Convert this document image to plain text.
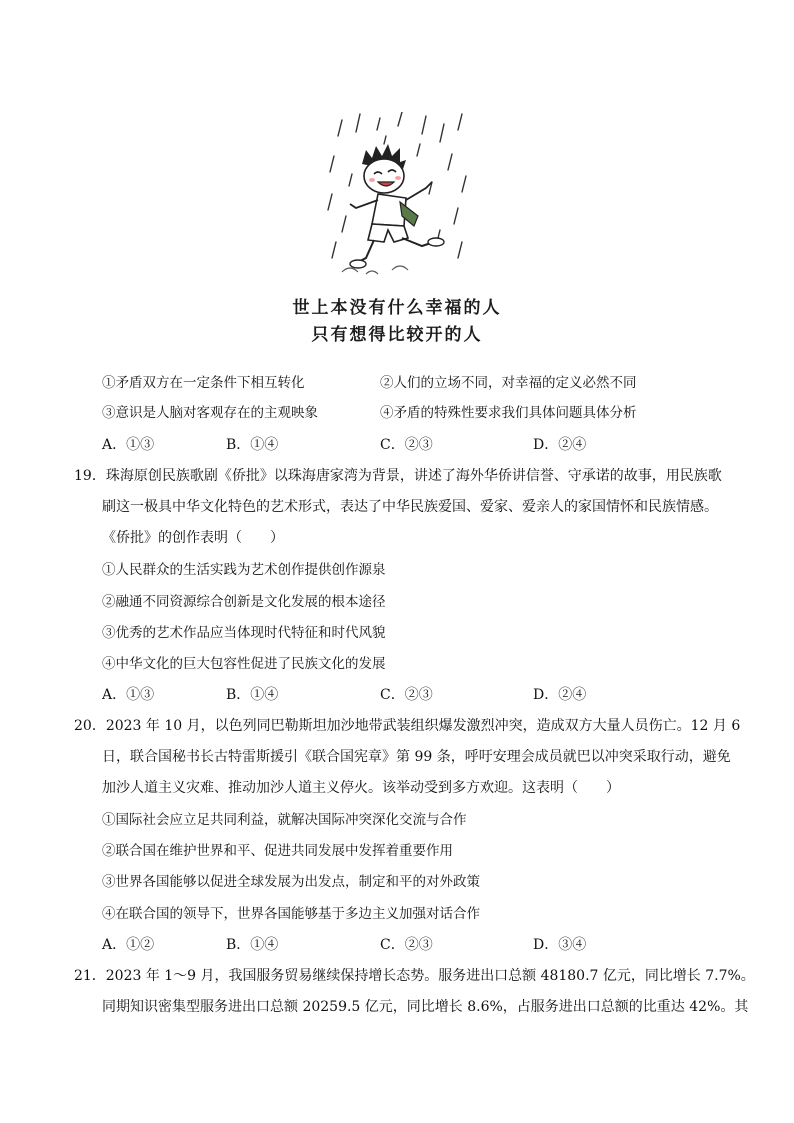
世上本没有什么幸福的人
只有想得比较开的人
①矛盾双方在一定条件下相互转化	②人们的立场不同，对幸福的定义必然不同
③意识是人脑对客观存在的主观映象	④矛盾的特殊性要求我们具体问题具体分析
A．①③	B．①④	C．②③	D．②④
19．珠海原创民族歌剧《侨批》以珠海唐家湾为背景，讲述了海外华侨讲信誉、守承诺的故事，用民族歌
刷这一极具中华文化特色的艺术形式，表达了中华民族爱国、爱家、爱亲人的家国情怀和民族情感。
《侨批》的创作表明（　　）
①人民群众的生活实践为艺术创作提供创作源泉
②融通不同资源综合创新是文化发展的根本途径
③优秀的艺术作品应当体现时代特征和时代风貌
④中华文化的巨大包容性促进了民族文化的发展
A．①③	B．①④	C．②③	D．②④
20．2023 年 10 月，以色列同巴勒斯坦加沙地带武装组织爆发激烈冲突，造成双方大量人员伤亡。12 月 6
日，联合国秘书长古特雷斯援引《联合国宪章》第 99 条，呼吁安理会成员就巴以冲突采取行动，避免
加沙人道主义灾难、推动加沙人道主义停火。该举动受到多方欢迎。这表明（　　）
①国际社会应立足共同利益，就解决国际冲突深化交流与合作
②联合国在维护世界和平、促进共同发展中发挥着重要作用
③世界各国能够以促进全球发展为出发点，制定和平的对外政策
④在联合国的领导下，世界各国能够基于多边主义加强对话合作
A．①②	B．①④	C．②③	D．③④
21．2023 年 1～9 月，我国服务贸易继续保持增长态势。服务进出口总额 48180.7 亿元，同比增长 7.7%。
同期知识密集型服务进出口总额 20259.5 亿元，同比增长 8.6%，占服务进出口总额的比重达 42%。其
